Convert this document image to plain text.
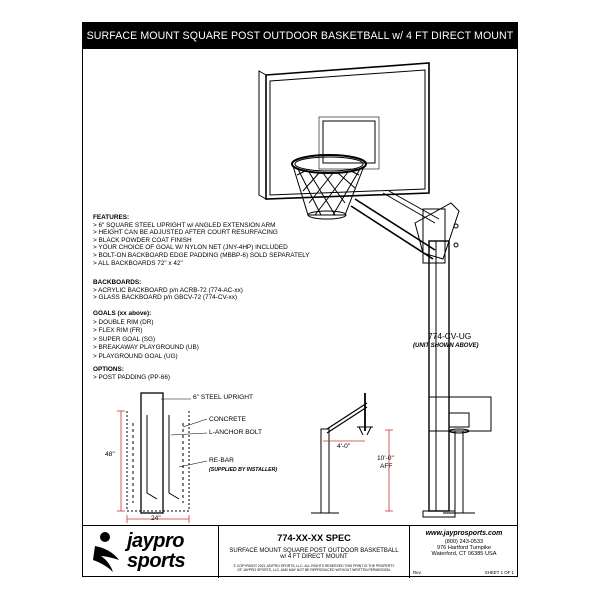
SURFACE MOUNT SQUARE POST OUTDOOR BASKETBALL w/ 4 FT DIRECT MOUNT
FEATURES:
> 6" SQUARE STEEL UPRIGHT w/ ANGLED EXTENSION ARM
> HEIGHT CAN BE ADJUSTED AFTER COURT RESURFACING
> BLACK POWDER COAT FINISH
> YOUR CHOICE OF GOAL W/ NYLON NET (JNY-4HP) INCLUDED
> BOLT-ON BACKBOARD EDGE PADDING (MBBP-6) SOLD SEPARATELY
> ALL BACKBOARDS 72" x 42"
BACKBOARDS:
> ACRYLIC BACKBOARD p/n ACRB-72 (774-AC-xx)
> GLASS BACKBOARD p/n GBCV-72 (774-CV-xx)
GOALS (xx above):
> DOUBLE RIM (DR)
> FLEX RIM (FR)
> SUPER GOAL (SG)
> BREAKAWAY PLAYGROUND (UB)
> PLAYGROUND GOAL (UG)
OPTIONS:
> POST PADDING (PP-66)
774-CV-UG
(UNIT SHOWN ABOVE)
6" STEEL UPRIGHT
CONCRETE
L-ANCHOR BOLT
RE-BAR
(SUPPLIED BY INSTALLER)
48"
24"
4'-0"
10'-0"
AFF
jaypro
sports
774-XX-XX SPEC
SURFACE MOUNT SQUARE POST OUTDOOR BASKETBALL
w/ 4 FT DIRECT MOUNT
© COPYRIGHT 2021 JAYPRO SPORTS, LLC. ALL RIGHTS RESERVED THIS PRINT IS THE PROPERTY
OF JAYPRO SPORTS, LLC. AND MAY NOT BE REPRODUCED WITHOUT WRITTEN PERMISSION.
www.jayprosports.com
(800) 243-0533
976 Hartford Turnpike
Waterford, CT 06385 USA
Rev.	SHEET 1 OF 1
